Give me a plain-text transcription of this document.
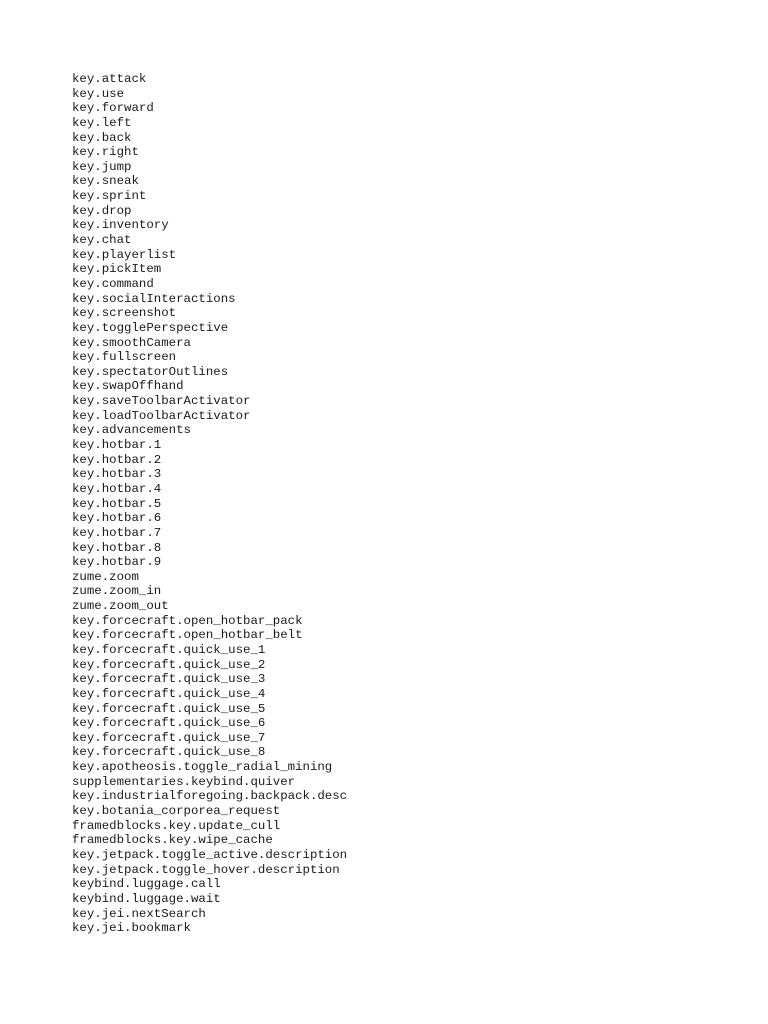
key.attack
key.use
key.forward
key.left
key.back
key.right
key.jump
key.sneak
key.sprint
key.drop
key.inventory
key.chat
key.playerlist
key.pickItem
key.command
key.socialInteractions
key.screenshot
key.togglePerspective
key.smoothCamera
key.fullscreen
key.spectatorOutlines
key.swapOffhand
key.saveToolbarActivator
key.loadToolbarActivator
key.advancements
key.hotbar.1
key.hotbar.2
key.hotbar.3
key.hotbar.4
key.hotbar.5
key.hotbar.6
key.hotbar.7
key.hotbar.8
key.hotbar.9
zume.zoom
zume.zoom_in
zume.zoom_out
key.forcecraft.open_hotbar_pack
key.forcecraft.open_hotbar_belt
key.forcecraft.quick_use_1
key.forcecraft.quick_use_2
key.forcecraft.quick_use_3
key.forcecraft.quick_use_4
key.forcecraft.quick_use_5
key.forcecraft.quick_use_6
key.forcecraft.quick_use_7
key.forcecraft.quick_use_8
key.apotheosis.toggle_radial_mining
supplementaries.keybind.quiver
key.industrialforegoing.backpack.desc
key.botania_corporea_request
framedblocks.key.update_cull
framedblocks.key.wipe_cache
key.jetpack.toggle_active.description
key.jetpack.toggle_hover.description
keybind.luggage.call
keybind.luggage.wait
key.jei.nextSearch
key.jei.bookmark
